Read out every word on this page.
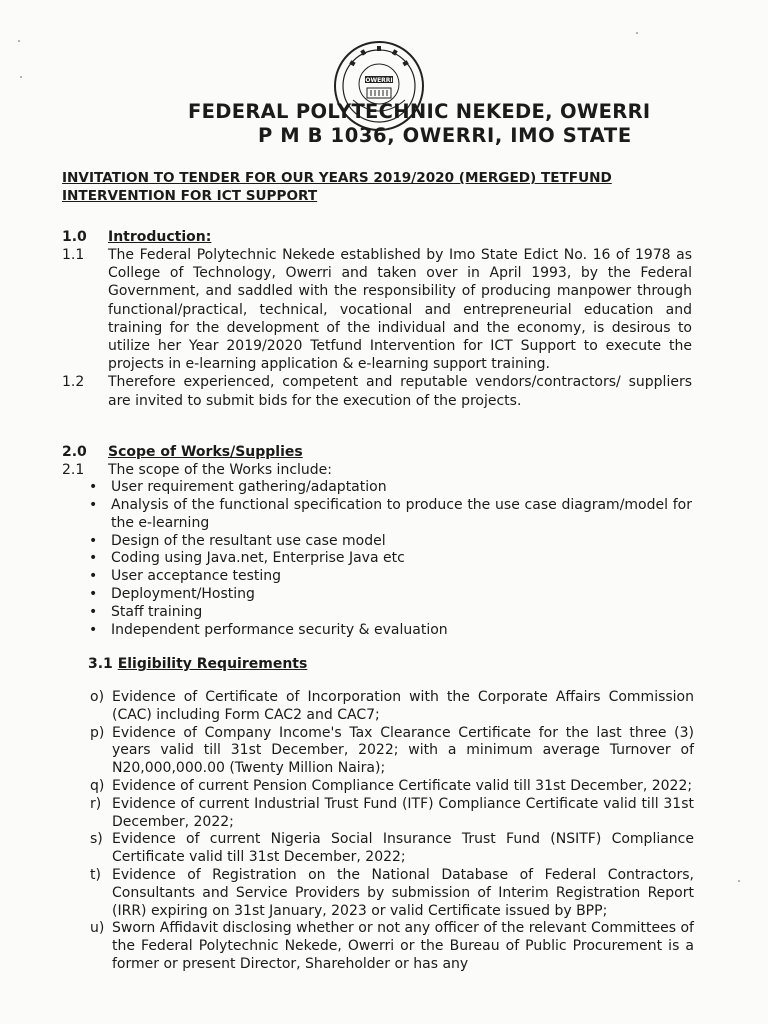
OWERRI
FEDERAL POLYTECHNIC NEKEDE, OWERRI
P M B 1036, OWERRI, IMO STATE
INVITATION TO TENDER FOR OUR YEARS 2019/2020 (MERGED) TETFUND INTERVENTION FOR ICT SUPPORT
1.0	Introduction:
1.1	The Federal Polytechnic Nekede established by Imo State Edict No. 16 of 1978 as College of Technology, Owerri and taken over in April 1993, by the Federal Government, and saddled with the responsibility of producing manpower through functional/practical, technical, vocational and entrepreneurial education and training for the development of the individual and the economy, is desirous to utilize her Year 2019/2020 Tetfund Intervention for ICT Support to execute the projects in e-learning application & e-learning support training.
1.2	Therefore experienced, competent and reputable vendors/contractors/ suppliers are invited to submit bids for the execution of the projects.
2.0	Scope of Works/Supplies
2.1	The scope of the Works include:
• User requirement gathering/adaptation
• Analysis of the functional specification to produce the use case diagram/model for the e-learning
• Design of the resultant use case model
• Coding using Java.net, Enterprise Java etc
• User acceptance testing
• Deployment/Hosting
• Staff training
• Independent performance security & evaluation
3.1 Eligibility Requirements
o) Evidence of Certificate of Incorporation with the Corporate Affairs Commission (CAC) including Form CAC2 and CAC7;
p) Evidence of Company Income's Tax Clearance Certificate for the last three (3) years valid till 31st December, 2022; with a minimum average Turnover of N20,000,000.00 (Twenty Million Naira);
q) Evidence of current Pension Compliance Certificate valid till 31st December, 2022;
r) Evidence of current Industrial Trust Fund (ITF) Compliance Certificate valid till 31st December, 2022;
s) Evidence of current Nigeria Social Insurance Trust Fund (NSITF) Compliance Certificate valid till 31st December, 2022;
t) Evidence of Registration on the National Database of Federal Contractors, Consultants and Service Providers by submission of Interim Registration Report (IRR) expiring on 31st January, 2023 or valid Certificate issued by BPP;
u) Sworn Affidavit disclosing whether or not any officer of the relevant Committees of the Federal Polytechnic Nekede, Owerri or the Bureau of Public Procurement is a former or present Director, Shareholder or has any
